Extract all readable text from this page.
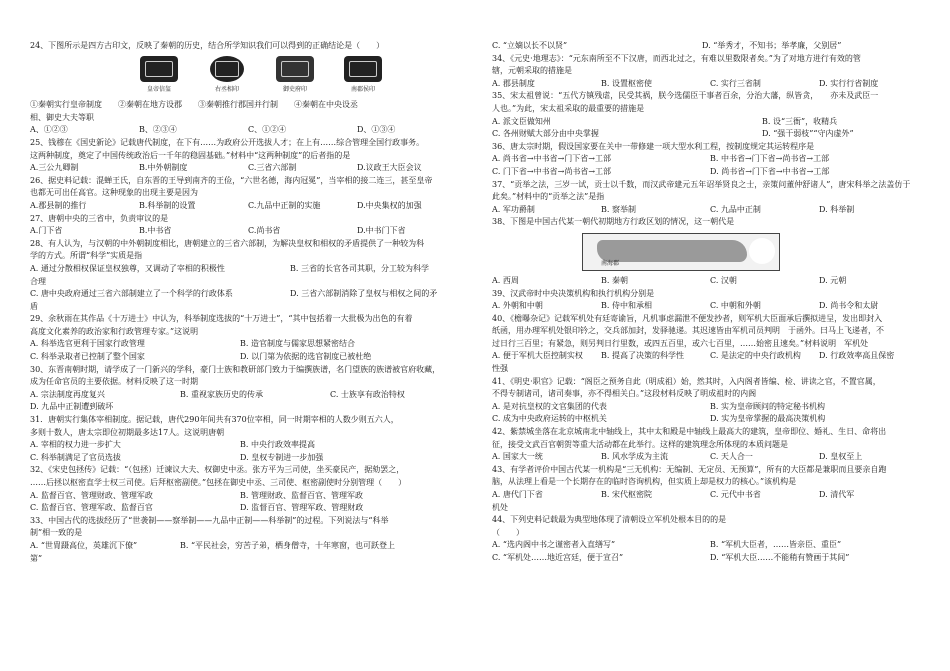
24、下图所示是四方古印文，反映了秦朝的历史，结合所学知识我们可以得到的正确结论是（　　）

皇帝信玺	右丞相印	御史府印	南郡侯印

①秦朝实行皇帝制度　　②秦朝在地方设郡　　③秦朝推行郡国并行制　　④秦朝在中央设丞

相、御史大夫等职

A、①②③	B、②③④	C、①②④	D、①③④

25、钱穆在《国史新论》记载唐代制度，在下有……为政府公开选拔人才；在上有……综合管理全国行政事务。

这两种制度，奠定了中国传统政治后一千年的稳固基础。”材料中“这两种制度”的后者指的是

A.三公九卿制	B.中外朝制度	C.三省六部制	D.议政王大臣会议

26、据史料记载：混蝉王氏，自东晋的王导到南齐的王俭，“六世名德，海内冠冕”，当宰相的接二连三，甚至皇帝

也都无可出任高官。这种现象的出现主要是因为

A.郡县制的推行	B.科举制的设置	C.九品中正制的实施	D.中央集权的加强

27、唐朝中央的三省中，负责审议的是

A.门下省	B.中书省	C.尚书省	D.中书门下省

28、有人认为，与汉朝的中外朝制度相比，唐朝建立的三省六部制，为解决皇权和相权的矛盾提供了一种较为科

学的方式。所谓“科学”实质是指

A. 通过分散相权保证皇权独尊，又调动了宰相的积极性	B. 三省的长官各司其职，分工较为科学

合理

C. 唐中央政府通过三省六部制建立了一个科学的行政体系	D. 三省六部制消除了皇权与相权之间的矛

盾

29、余秋雨在其作品《十万进士》中认为，科举制度选拔的“十万进士”，“其中包括着一大批极为出色的有着

高度文化素养的政治家和行政管理专家。”这说明

A. 科举选官更利于国家行政管理	B. 造官制度与儒家思想紧密结合
C. 科举录取者已控制了整个国家	D. 以门第为依据的选官制度已被杜绝

30、东晋南朝时期，请学成了一门新兴的学科，豪门士族和教研部门致力于编撰族谱，名门望族的族谱被官府收藏，

成为任命官员的主要依据。材料反映了这一时期

A. 宗法制度再度复兴	B. 重视家族历史的传承	C. 士族享有政治特权

D. 九品中正制遭到破坏

31．唐朝实行集体宰相制度。据记载，唐代290年间共有370位宰相，同一时期宰相的人数少则五六人，

多则十数人，唐太宗即位初期最多达17人。这说明唐朝

A. 宰相的权力进一步扩大	B. 中央行政效率提高
C. 科举制满足了官员选拔	D. 皇权专制进一步加强

32、《宋史包拯传》记载：“（包拯）迁谏议大夫、权御史中丞。张方平为三司使，坐买豪民产，据劾罢之，

……后拯以枢密直学士权三司使。后拜枢密副使。”包拯在御史中丞、三司使、枢密副使时分别管理（　　）

A. 监督百官、管理财政、管理军政	B. 管理财政、监督百官、管理军政
C. 监督百官、管理军政、监督百官	D. 监督百官、管理军政、管理财政

33、中国古代的选拔经历了“世袭制——察举制——九品中正制——科举制”的过程。下列说法与“科举

制”相一致的是

A. “世胄蹑高位，英雄沉下僚”	B. “平民社会，穷苦子弟，栖身僧寺，十年寒窗，也可跃登上

第”

C. “立嫡以长不以贤”	D. “举秀才，不知书；举孝廉，父别居”

34、《元史·地理志》：“元东南所至不下汉唐，而西北过之，有难以里数限者矣。”为了对地方进行有效的管

辖，元朝采取的措施是

A. 郡县制度	B. 设置枢密使	C. 实行三省制	D. 实行行省制度

35、宋太祖曾说：“五代方镇残虐，民受其祸，朕今选儒臣干事者百余，分治大藩，纵皆贪，　　亦未及武臣一

人也。”为此，宋太祖采取的最重要的措施是

A. 派文臣做知州	B. 设“三衙”，收精兵
C. 各州财赋大部分由中央掌握	D. “强干弱枝”“守内虚外”

36、唐太宗时期，假设国家要在关中一带修建一项大型水利工程，按制度规定其运转程序是

A. 尚书省→中书省→门下省→工部	B. 中书省→门下省→尚书省→工部
C. 门下省→中书省→尚书省→工部	D. 尚书省→门下省→中书省→工部

37、“贡举之法，三岁一试，贡士以千数，而汉武帝建元五年诏举贤良之士，亲策问董仲舒诸人”，唐宋科举之法盖仿于

此矣。”材料中的“贡举之法”是指

A. 军功爵制	B. 察举制	C. 九品中正制	D. 科举制

38、下图是中国古代某一朝代初期地方行政区划的情况，这一朝代是

南海郡
A. 西周	B. 秦朝	C. 汉朝	D. 元朝

39、汉武帝时中央决策机构和执行机构分别是

A. 外朝和中朝	B. 侍中和承相	C. 中朝和外朝	D. 尚书令和太尉

40、《檐曝杂记》记载军机处有廷寄谕旨，凡机事虑漏泄不便发抄者，则军机大臣面承后撰拟进呈，发出即封入

纸函，用办理军机处银印钤之，交兵部加封，发驿驰递。其迟速皆由军机司员判明　于函外。曰马上飞递者，不

过日行三百里；有紧急，则另判日行里数，或四五百里，或六七百里，……始密且速矣。”材料说明　军机处

A. 便于军机大臣控制实权	B. 提高了决策的科学性	C. 是法定的中央行政机构	D. 行政效率高且保密

性强

41、《明史·职官》记载：“阁臣之预务自此（明成祖）始，然其时，入内阁者皆编、检、讲读之官，不置官属，

不得专制诸司，诸司奏事，亦不得相关白。”这段材料反映了明成祖时的内阁

A. 是对抗皇权的文官集团的代表	B. 实为皇帝顾问的特定秘书机构
C. 成为中央政府运转的中枢机关	D. 实为皇帝掌握的最高决策机构

42、紫禁城坐落在北京城南北中轴线上，其中太和殿是中轴线上最高大的建筑，皇帝即位、婚礼、生日、命将出

征，接受文武百官朝贺等重大活动都在此举行。这样的建筑理念所体现的本质问题是

A. 国家大一统	B. 风水学成为主流	C. 天人合一	D. 皇权至上

43、有学者评价中国古代某一机构是“三无机构：无编制、无定员、无预算”，所有的大臣都是兼职而且要亲自跑

脑，从法理上看是一个长期存在的临时咨询机构，但实质上却是权力的核心。”该机构是

A. 唐代门下省	B. 宋代枢密院	C. 元代中书省	D. 清代军

机处

44、下列史料记载最为典型地体现了清朝设立军机处根本目的的是

（　　）

A. “选内阁中书之谨密者入直缮写”	B. “军机大臣者，……皆亲臣、重臣”
C. “军机处……地近宫廷，便于宣召”	D. “军机大臣……不能稍有赞画于其间”
